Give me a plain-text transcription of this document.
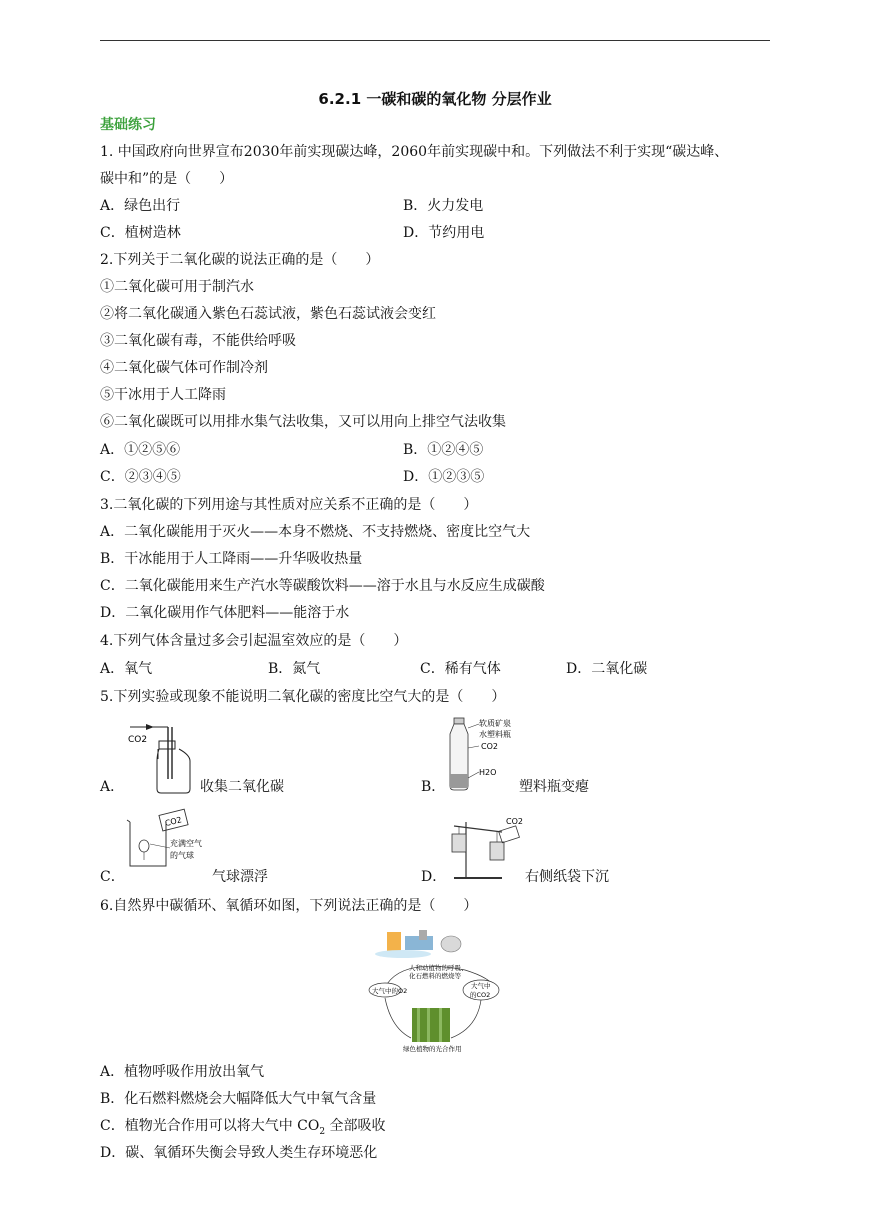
6.2.1 一碳和碳的氧化物 分层作业
基础练习
1. 中国政府向世界宣布2030年前实现碳达峰，2060年前实现碳中和。下列做法不利于实现“碳达峰、
碳中和”的是（　　）
A．绿色出行	B．火力发电
C．植树造林	D．节约用电
2.下列关于二氧化碳的说法正确的是（　　）
①二氧化碳可用于制汽水
②将二氧化碳通入紫色石蕊试液，紫色石蕊试液会变红
③二氧化碳有毒，不能供给呼吸
④二氧化碳气体可作制冷剂
⑤干冰用于人工降雨
⑥二氧化碳既可以用排水集气法收集，又可以用向上排空气法收集
A．①②⑤⑥	B．①②④⑤
C．②③④⑤	D．①②③⑤
3.二氧化碳的下列用途与其性质对应关系不正确的是（　　）
A．二氧化碳能用于灭火——本身不燃烧、不支持燃烧、密度比空气大
B．干冰能用于人工降雨——升华吸收热量
C．二氧化碳能用来生产汽水等碳酸饮料——溶于水且与水反应生成碳酸
D．二氧化碳用作气体肥料——能溶于水
4.下列气体含量过多会引起温室效应的是（　　）
A．氧气	B．氮气	C．稀有气体	D．二氧化碳
5.下列实验或现象不能说明二氧化碳的密度比空气大的是（　　）
CO2
A．	收集二氧化碳
软质矿泉
水塑料瓶
CO2
H2O
B．	塑料瓶变瘪
CO2
充满空气
的气球
C．	气球漂浮
CO2
D．	右侧纸袋下沉
6.自然界中碳循环、氧循环如图，下列说法正确的是（　　）
人和动植物的呼吸、
化石燃料的燃烧等
大气中的O2
大气中
的CO2
绿色植物的光合作用
A．植物呼吸作用放出氧气
B．化石燃料燃烧会大幅降低大气中氧气含量
C．植物光合作用可以将大气中 $CO_2$ 全部吸收
D．碳、氧循环失衡会导致人类生存环境恶化
